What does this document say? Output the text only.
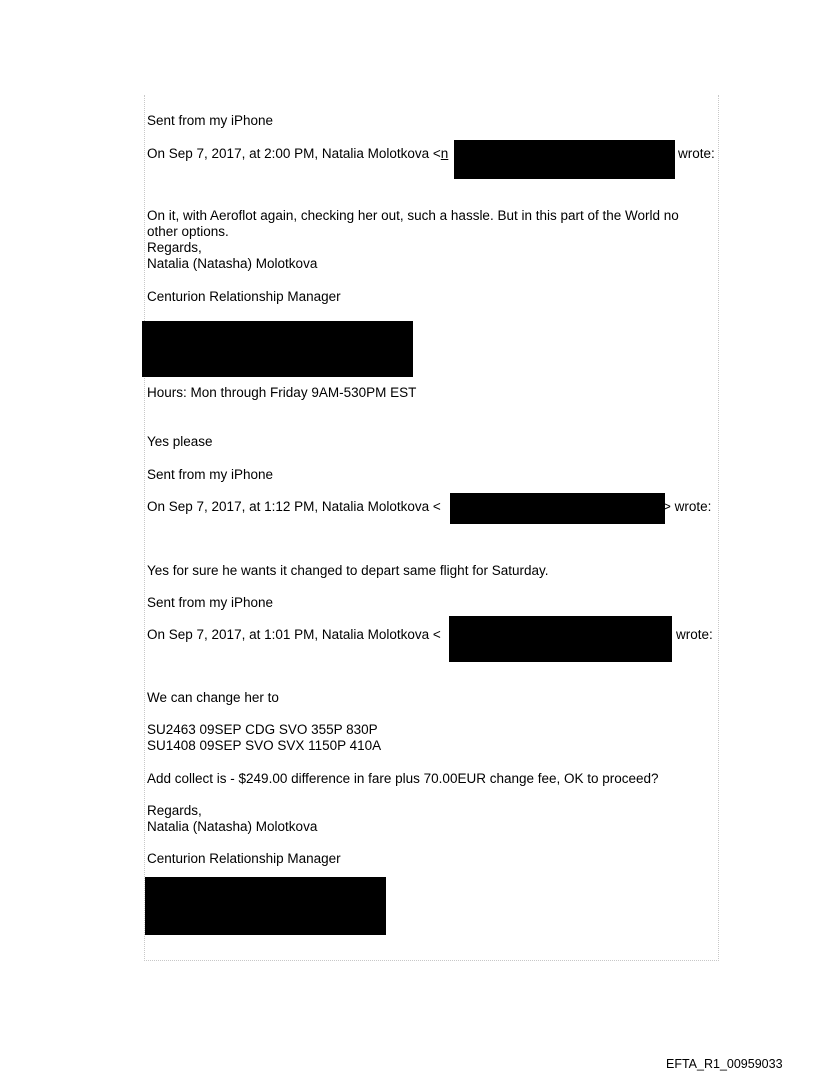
Sent from my iPhone

On Sep 7, 2017, at 2:00 PM, Natalia Molotkova <n	wrote:
On it, with Aeroflot again, checking her out, such a hassle. But in this part of the World no other options.

Regards,

Natalia (Natasha) Molotkova

Centurion Relationship Manager

Hours: Mon through Friday 9AM-530PM EST

Yes please

Sent from my iPhone

On Sep 7, 2017, at 1:12 PM, Natalia Molotkova <	> wrote:

Yes for sure he wants it changed to depart same flight for Saturday.

Sent from my iPhone

On Sep 7, 2017, at 1:01 PM, Natalia Molotkova <	wrote:

We can change her to

SU2463 09SEP CDG SVO 355P 830P

SU1408 09SEP SVO SVX 1150P 410A

Add collect is - $249.00 difference in fare plus 70.00EUR change fee, OK to proceed?

Regards,

Natalia (Natasha) Molotkova

Centurion Relationship Manager

EFTA_R1_00959033
